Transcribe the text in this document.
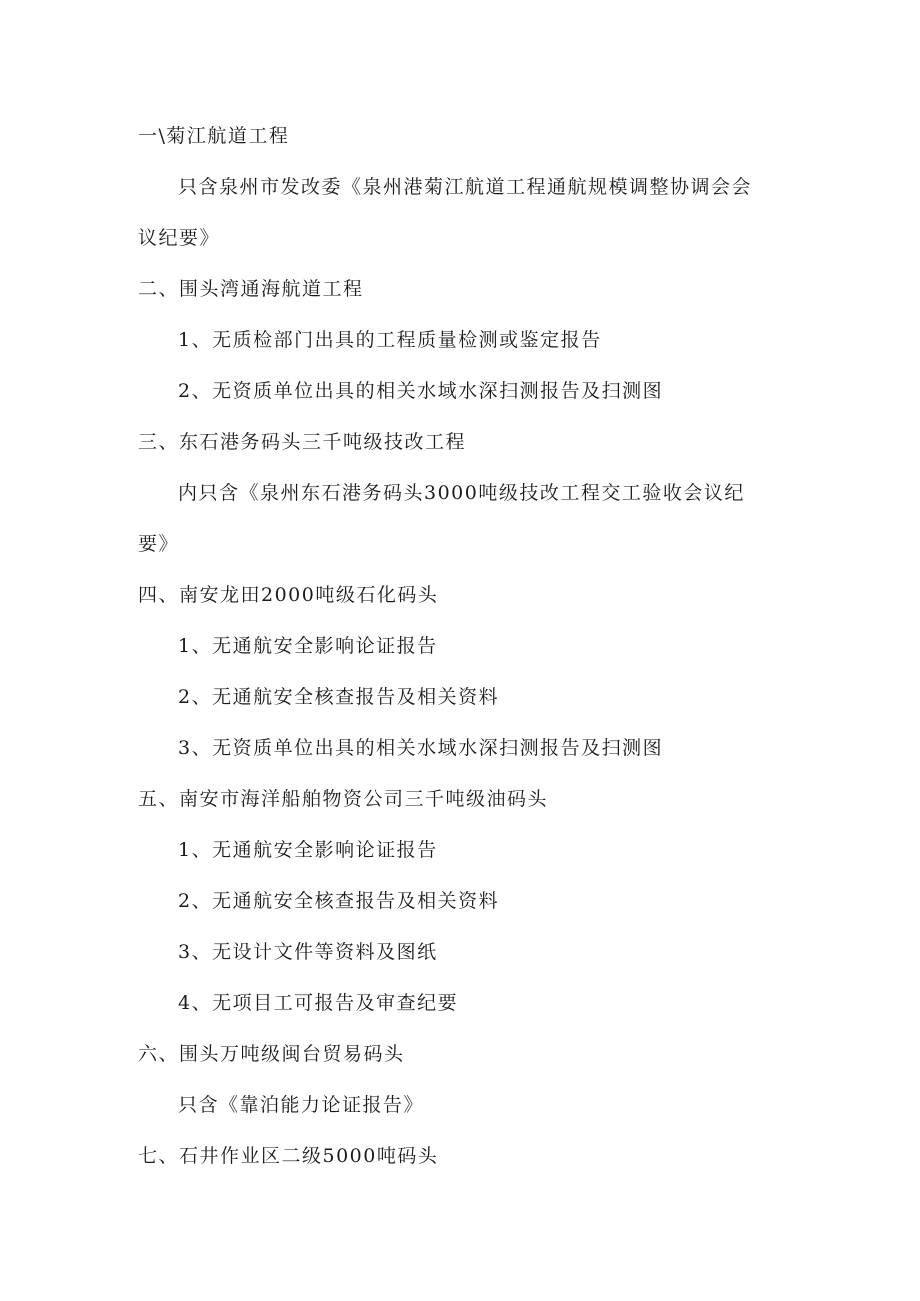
一\菊江航道工程
只含泉州市发改委《泉州港菊江航道工程通航规模调整协调会会
议纪要》
二、围头湾通海航道工程
1、无质检部门出具的工程质量检测或鉴定报告
2、无资质单位出具的相关水域水深扫测报告及扫测图
三、东石港务码头三千吨级技改工程
内只含《泉州东石港务码头3000吨级技改工程交工验收会议纪
要》
四、南安龙田2000吨级石化码头
1、无通航安全影响论证报告
2、无通航安全核查报告及相关资料
3、无资质单位出具的相关水域水深扫测报告及扫测图
五、南安市海洋船舶物资公司三千吨级油码头
1、无通航安全影响论证报告
2、无通航安全核查报告及相关资料
3、无设计文件等资料及图纸
4、无项目工可报告及审查纪要
六、围头万吨级闽台贸易码头
只含《靠泊能力论证报告》
七、石井作业区二级5000吨码头
